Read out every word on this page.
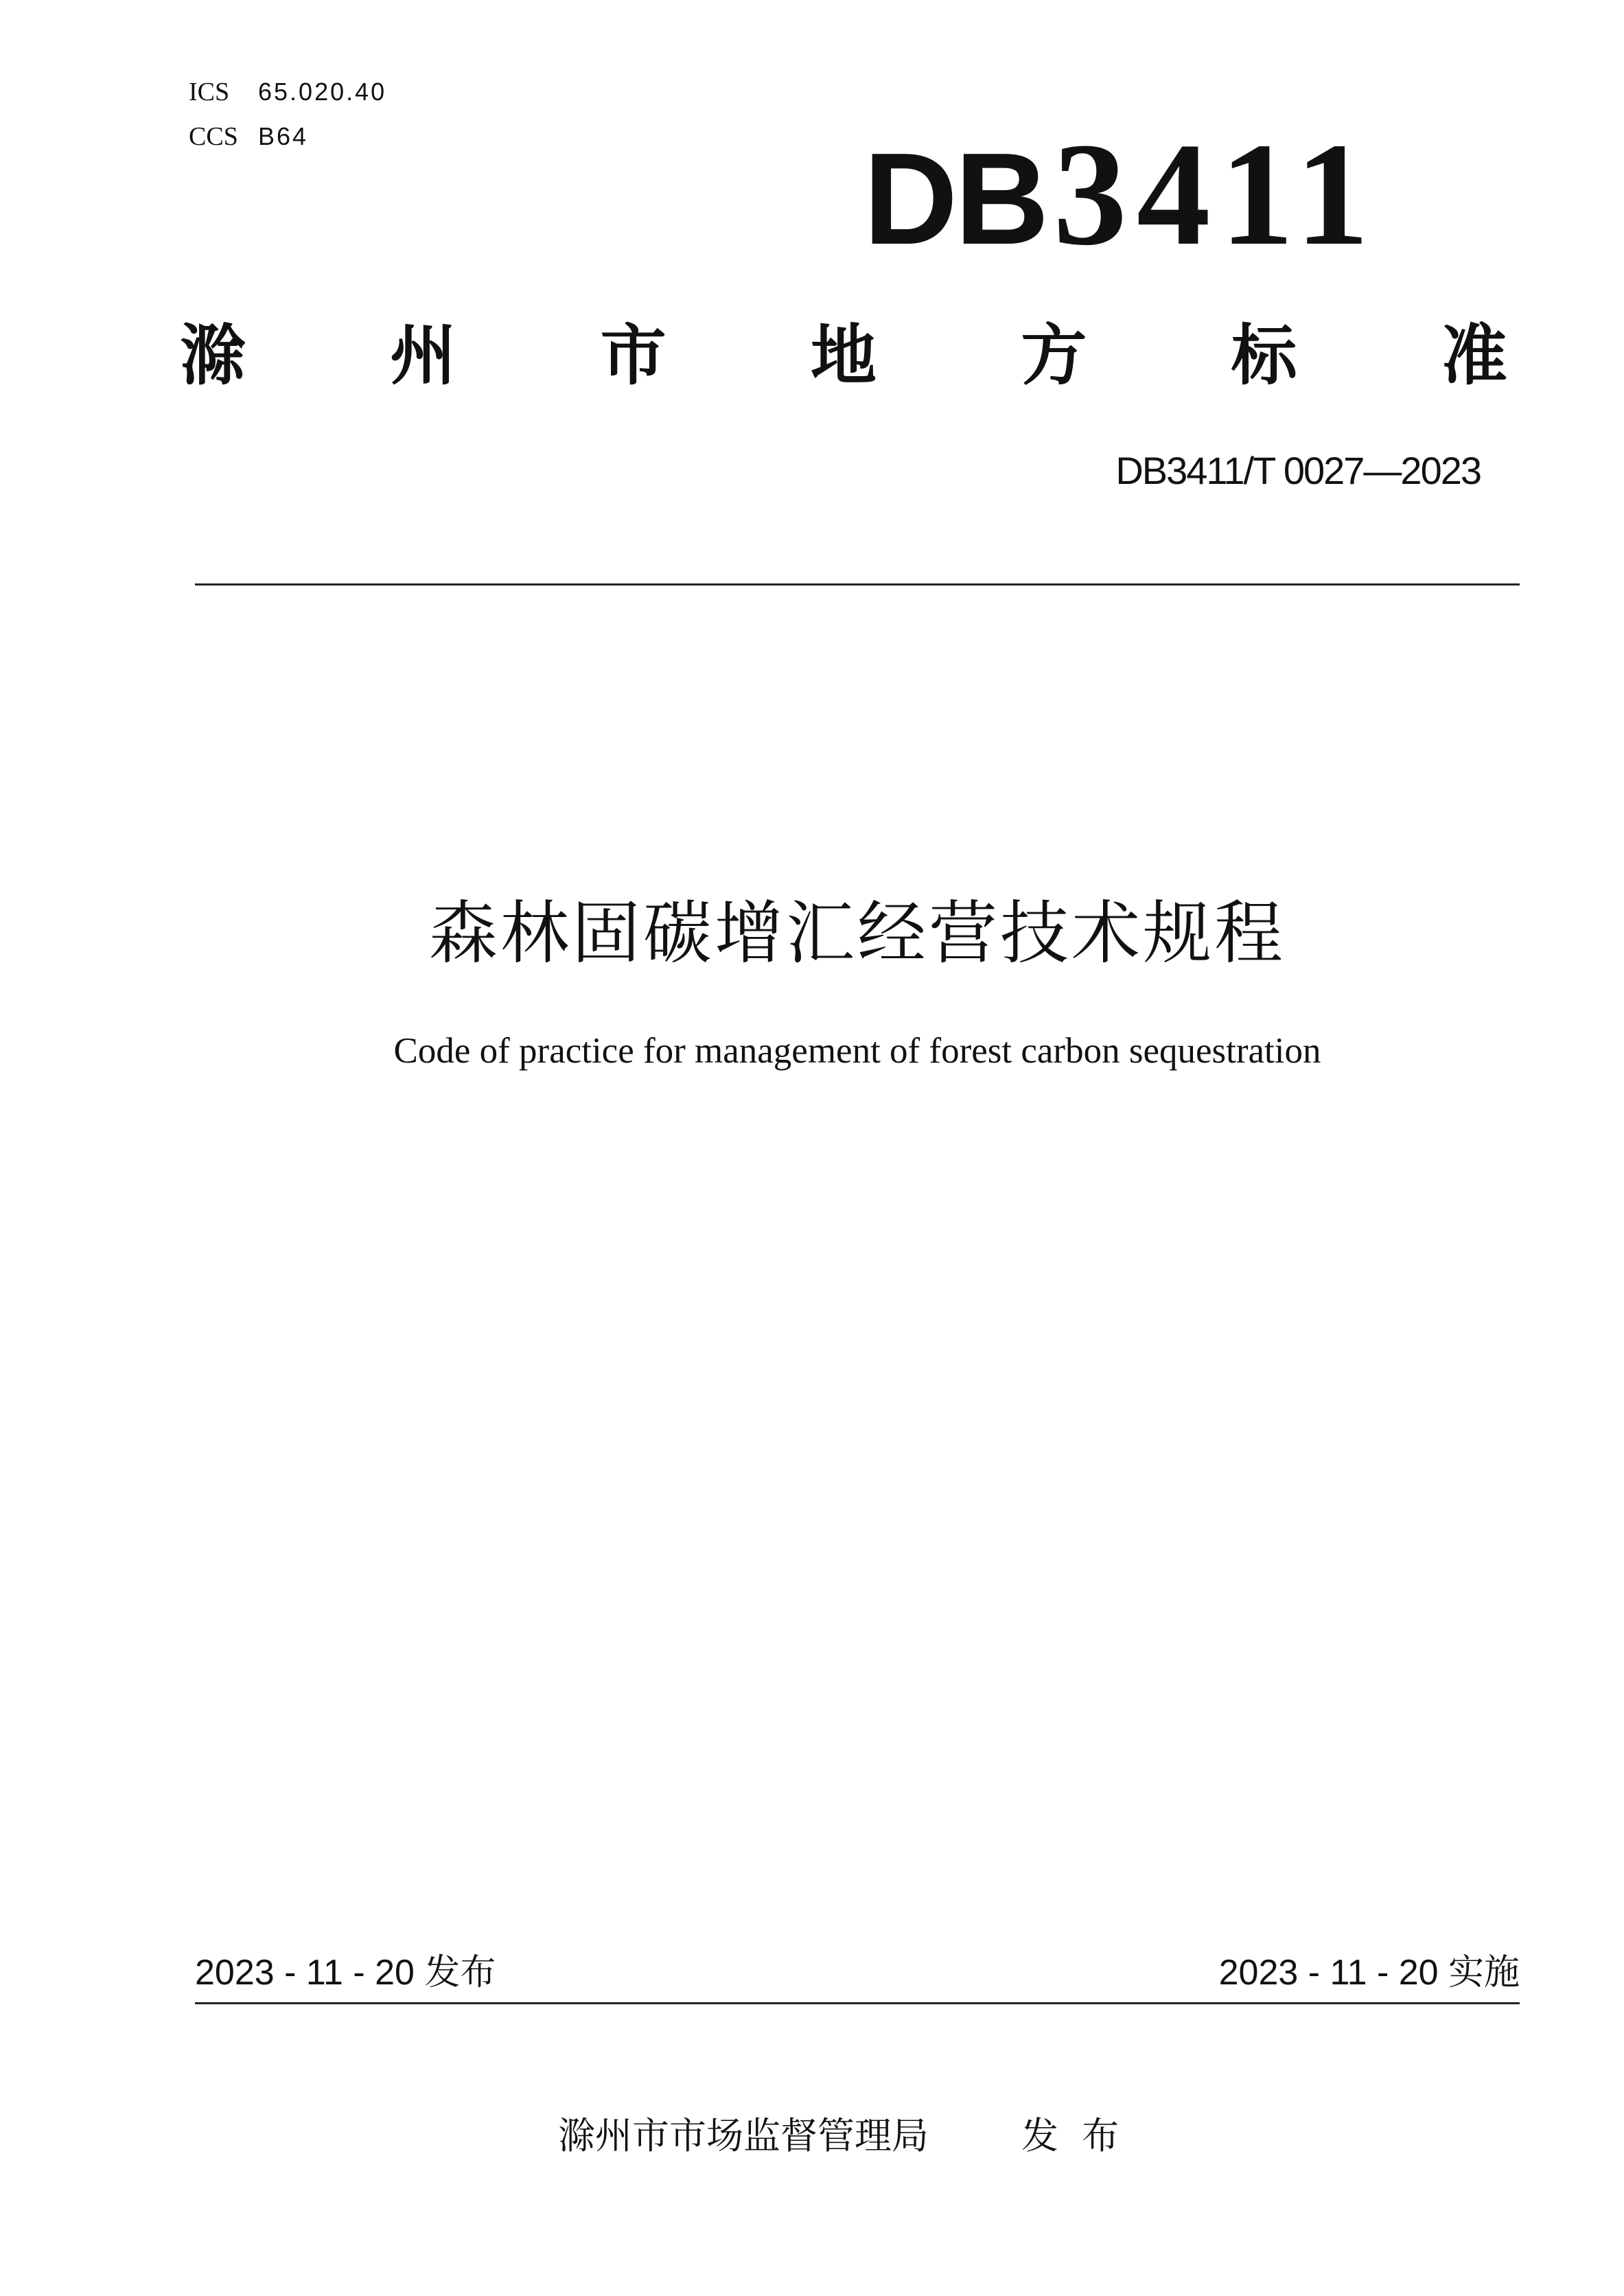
ICS 65.020.40
CCS B64	DB 3411
滁 州 市 地 方 标 准
DB3411/T 0027—2023
森林固碳增汇经营技术规程
Code of practice for management of forest carbon sequestration
2023 - 11 - 20 发布	2023 - 11 - 20 实施
滁州市市场监督管理局	发 布
